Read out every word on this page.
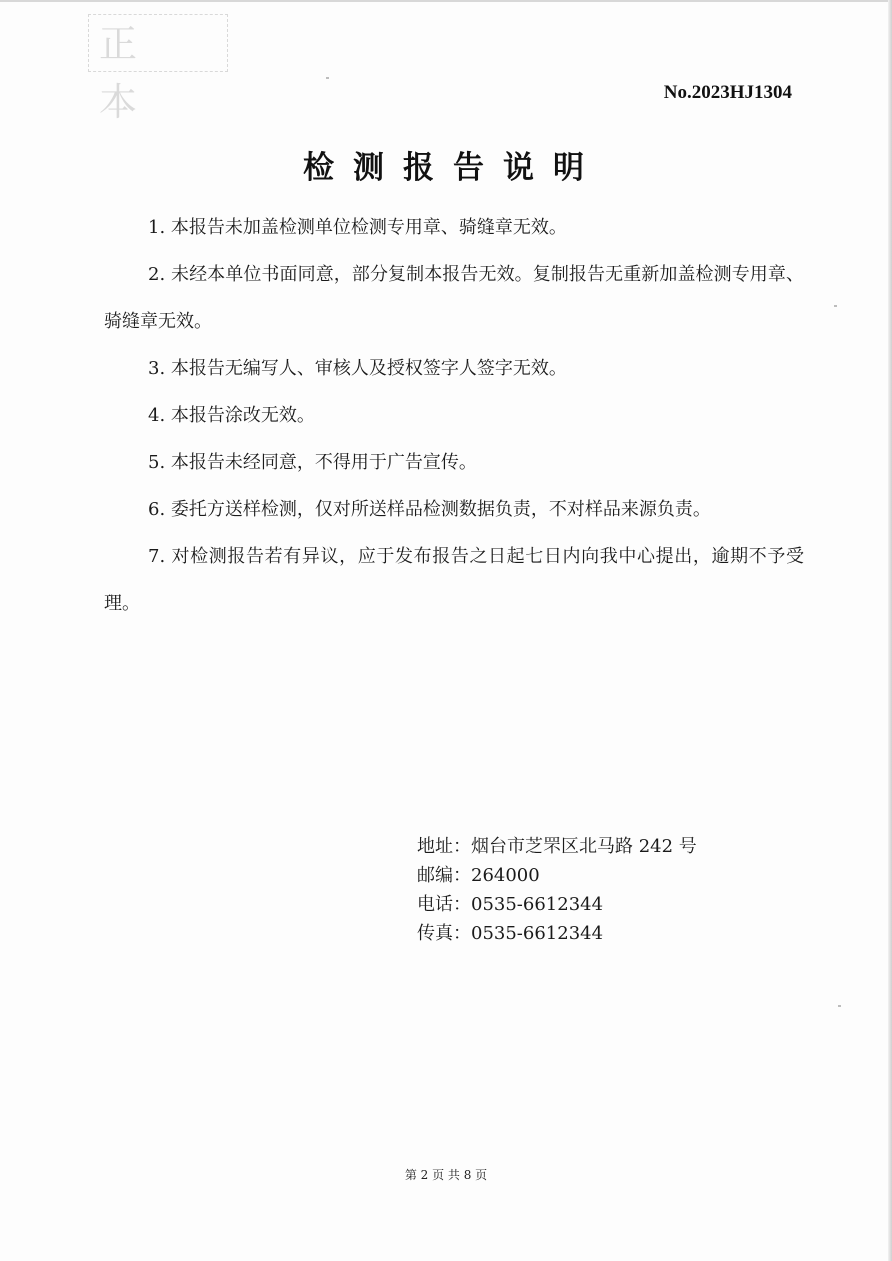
正本	No.2023HJ1304
检测报告说明

1. 本报告未加盖检测单位检测专用章、骑缝章无效。

2. 未经本单位书面同意，部分复制本报告无效。复制报告无重新加盖检测专用章、骑缝章无效。

3. 本报告无编写人、审核人及授权签字人签字无效。

4. 本报告涂改无效。

5. 本报告未经同意，不得用于广告宣传。

6. 委托方送样检测，仅对所送样品检测数据负责，不对样品来源负责。

7. 对检测报告若有异议，应于发布报告之日起七日内向我中心提出，逾期不予受理。

地址：烟台市芝罘区北马路 242 号
邮编：264000
电话：0535-6612344
传真：0535-6612344
第 2 页 共 8 页
